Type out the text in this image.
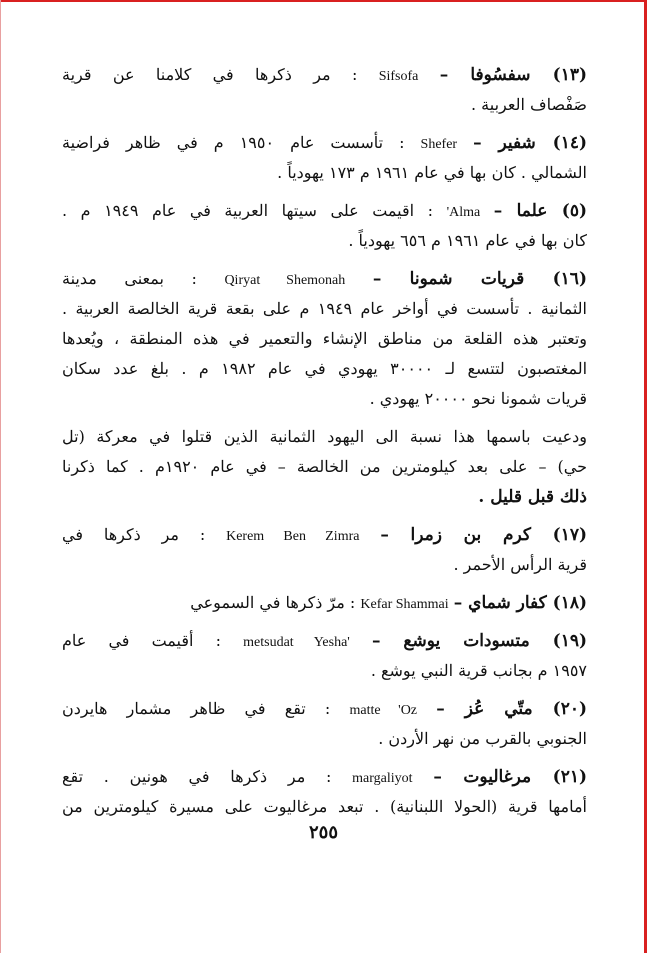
(١٣) سفسُوفا – Sifsofa : مر ذكرها في كلامنا عن قرية
صَفْصاف العربية .
(١٤) شفير – Shefer : تأسست عام ١٩٥٠ م في ظاهر فراضية
الشمالي . كان بها في عام ١٩٦١ م ١٧٣ يهودياً .
(٥) علما – 'Alma : اقيمت على سيتها العربية في عام ١٩٤٩ م .
كان بها في عام ١٩٦١ م ٦٥٦ يهودياً .
(١٦) قريات شمونا – Qiryat Shemonah : بمعنى مدينة
الثمانية . تأسست في أواخر عام ١٩٤٩ م على بقعة قرية الخالصة العربية .
وتعتبر هذه القلعة من مناطق الإنشاء والتعمير في هذه المنطقة ، ويُعدها
المغتصبون لتتسع لـ ٣٠٠٠٠ يهودي في عام ١٩٨٢ م . بلغ عدد سكان
قريات شمونا نحو ٢٠٠٠٠ يهودي .
ودعيت باسمها هذا نسبة الى اليهود الثمانية الذين قتلوا في معركة (تل
حي) – على بعد كيلومترين من الخالصة – في عام ١٩٢٠م . كما ذكرنا
ذلك قبل قليل .
(١٧) كرم بن زمرا – Kerem Ben Zimra : مر ذكرها في
قرية الرأس الأحمر .
(١٨) كفار شماي – Kefar Shammai : مرّ ذكرها في السموعي
(١٩) متسودات يوشع – metsudat Yesha' : أقيمت في عام
١٩٥٧ م بجانب قرية النبي يوشع .
(٢٠) متّي عُز – matte 'Oz : تقع في ظاهر مشمار هايردن
الجنوبي بالقرب من نهر الأردن .
(٢١) مرغاليوت – margaliyot : مر ذكرها في هونين . تقع
أمامها قرية (الحولا اللبنانية) . تبعد مرغاليوت على مسيرة كيلومترين من
٢٥٥
